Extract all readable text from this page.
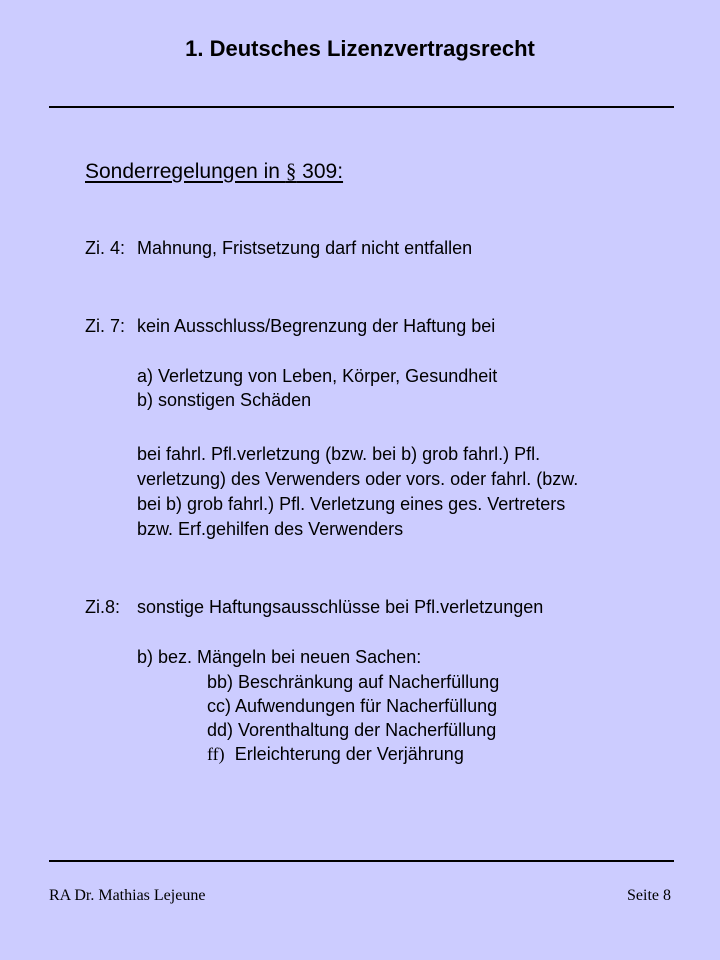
1. Deutsches Lizenzvertragsrecht
Sonderregelungen in § 309:
Zi. 4: Mahnung, Fristsetzung darf nicht entfallen
Zi. 7: kein Ausschluss/Begrenzung der Haftung bei

a) Verletzung von Leben, Körper, Gesundheit

b) sonstigen Schäden

bei fahrl. Pfl.verletzung (bzw. bei b) grob fahrl.) Pfl.

verletzung) des Verwenders oder vors. oder fahrl. (bzw.

bei b) grob fahrl.) Pfl. Verletzung eines ges. Vertreters

bzw. Erf.gehilfen des Verwenders

Zi.8: sonstige Haftungsausschlüsse bei Pfl.verletzungen

b) bez. Mängeln bei neuen Sachen:

bb) Beschränkung auf Nacherfüllung

cc) Aufwendungen für Nacherfüllung

dd) Vorenthaltung der Nacherfüllung

ff) Erleichterung der Verjährung

RA Dr. Mathias Lejeune	Seite 8
